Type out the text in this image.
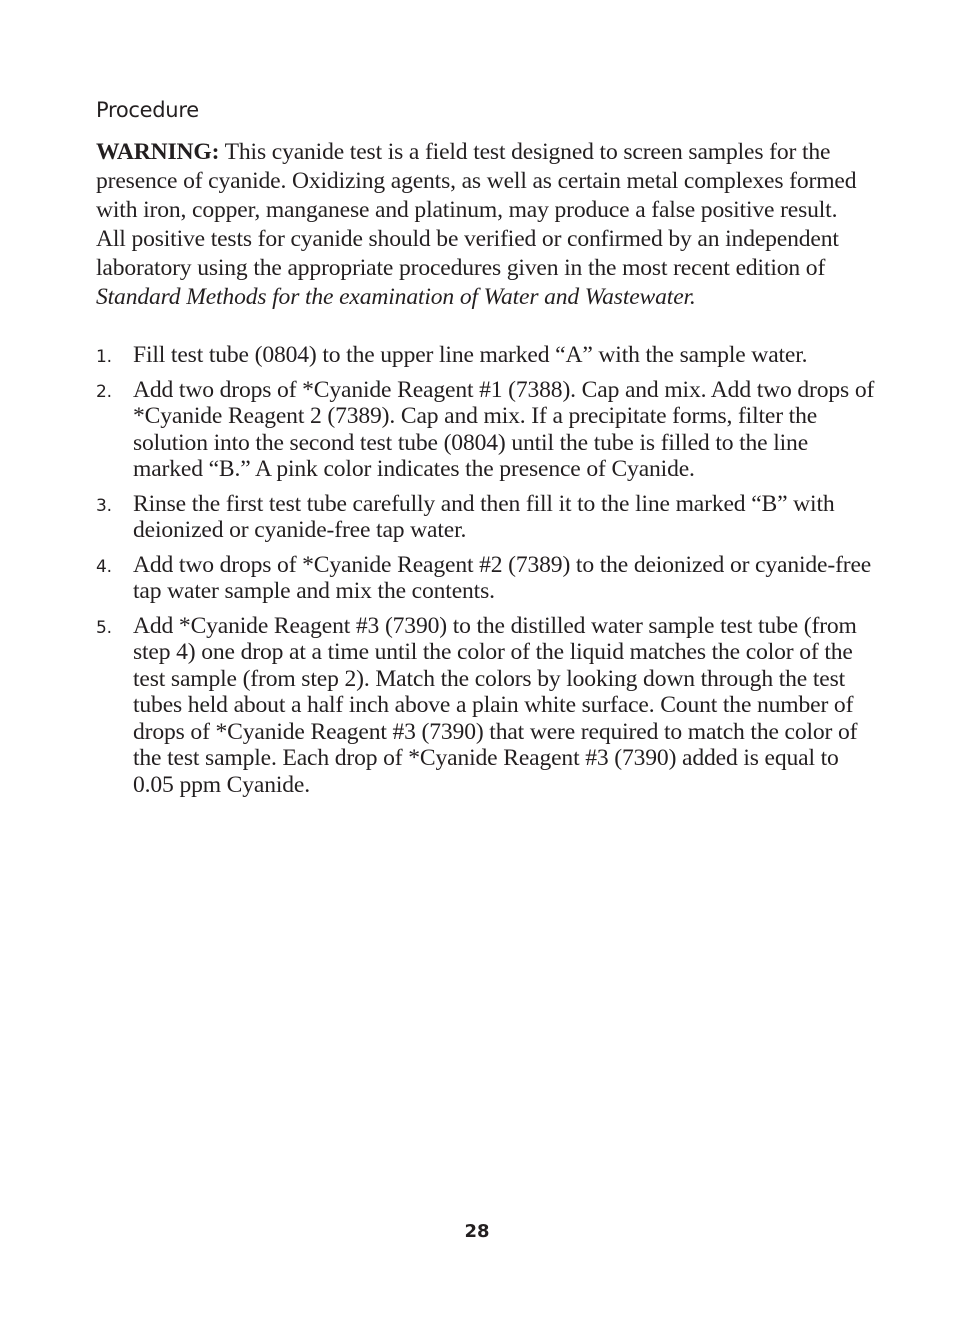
Procedure

WARNING: This cyanide test is a field test designed to screen samples for the presence of cyanide. Oxidizing agents, as well as certain metal complexes formed with iron, copper, manganese and platinum, may produce a false positive result. All positive tests for cyanide should be verified or confirmed by an independent laboratory using the appropriate procedures given in the most recent edition of Standard Methods for the examination of Water and Wastewater.

1. Fill test tube (0804) to the upper line marked “A” with the sample water.
2. Add two drops of *Cyanide Reagent #1 (7388). Cap and mix. Add two drops of *Cyanide Reagent 2 (7389). Cap and mix. If a precipitate forms, filter the solution into the second test tube (0804) until the tube is filled to the line marked “B.” A pink color indicates the presence of Cyanide.
3. Rinse the first test tube carefully and then fill it to the line marked “B” with deionized or cyanide-free tap water.
4. Add two drops of *Cyanide Reagent #2 (7389) to the deionized or cyanide-free tap water sample and mix the contents.
5. Add *Cyanide Reagent #3 (7390) to the distilled water sample test tube (from step 4) one drop at a time until the color of the liquid matches the color of the test sample (from step 2). Match the colors by looking down through the test tubes held about a half inch above a plain white surface. Count the number of drops of *Cyanide Reagent #3 (7390) that were required to match the color of the test sample. Each drop of *Cyanide Reagent #3 (7390) added is equal to 0.05 ppm Cyanide.
28
